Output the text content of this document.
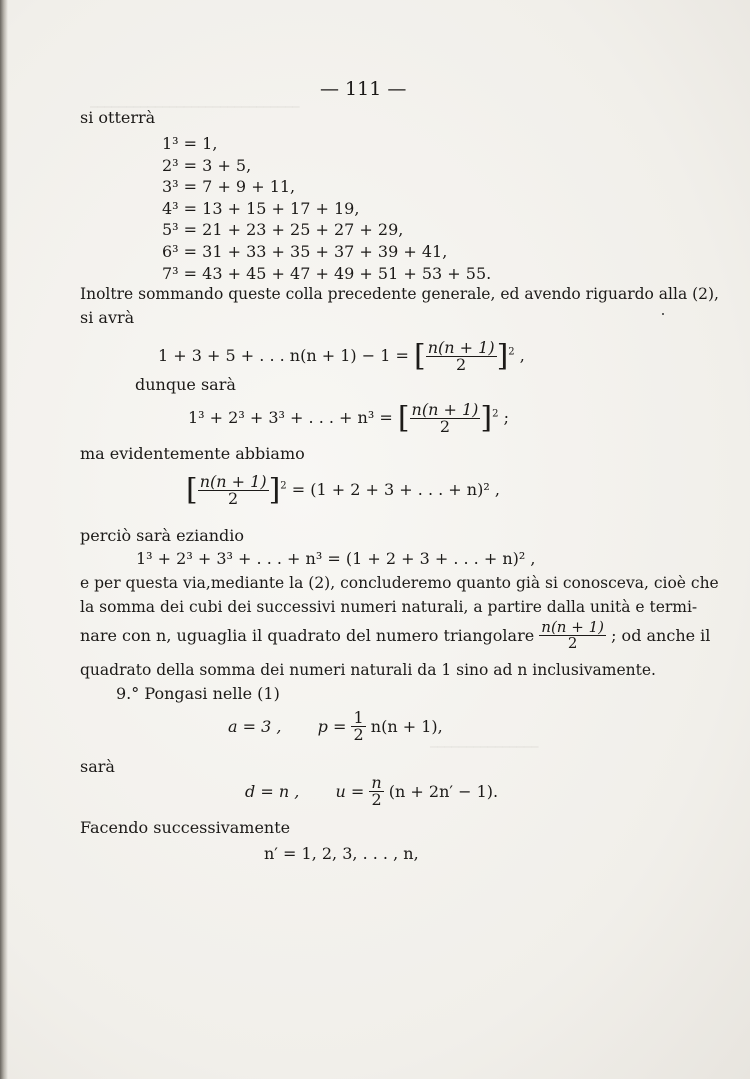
─────────────────────────────
───────────────
— 111 —
si otterrà
1³ = 1,
2³ = 3 + 5,
3³ = 7 + 9 + 11,
4³ = 13 + 15 + 17 + 19,
5³ = 21 + 23 + 25 + 27 + 29,
6³ = 31 + 33 + 35 + 37 + 39 + 41,
7³ = 43 + 45 + 47 + 49 + 51 + 53 + 55.
Inoltre sommando queste colla precedente generale, ed avendo riguardo alla (2),
si avrà
1 + 3 + 5 + . . . n(n + 1) − 1 = [ $\frac{n(n + 1)}{2} ]^2$ ,
dunque sarà
1³ + 2³ + 3³ + . . . + n³ = [ $\frac{n(n + 1)}{2} ]^2$ ;
ma evidentemente abbiamo
[ $\frac{n(n + 1)}{2} ]^2 = (1 + 2 + 3$ + . . . + n)² ,
perciò sarà eziandio
1³ + 2³ + 3³ + . . . + n³ = (1 + 2 + 3 + . . . + n)² ,
e per questa via,mediante la (2), concluderemo quanto già si conosceva, cioè che
la somma dei cubi dei successivi numeri naturali, a partire dalla unità e termi-
nare con n, uguaglia il quadrato del numero triangolare $\frac{n(n + 1)}{2}$ ; od anche il
quadrato della somma dei numeri naturali da 1 sino ad n inclusivamente.
9.° Pongasi nelle (1)
a = 3 , $p = \frac{1}{2} n(n + 1)$,
sarà
d = n , $u = \frac{n}{2} (n + 2n' - 1)$.
Facendo successivamente
n′ = 1, 2, 3, . . . , n,
